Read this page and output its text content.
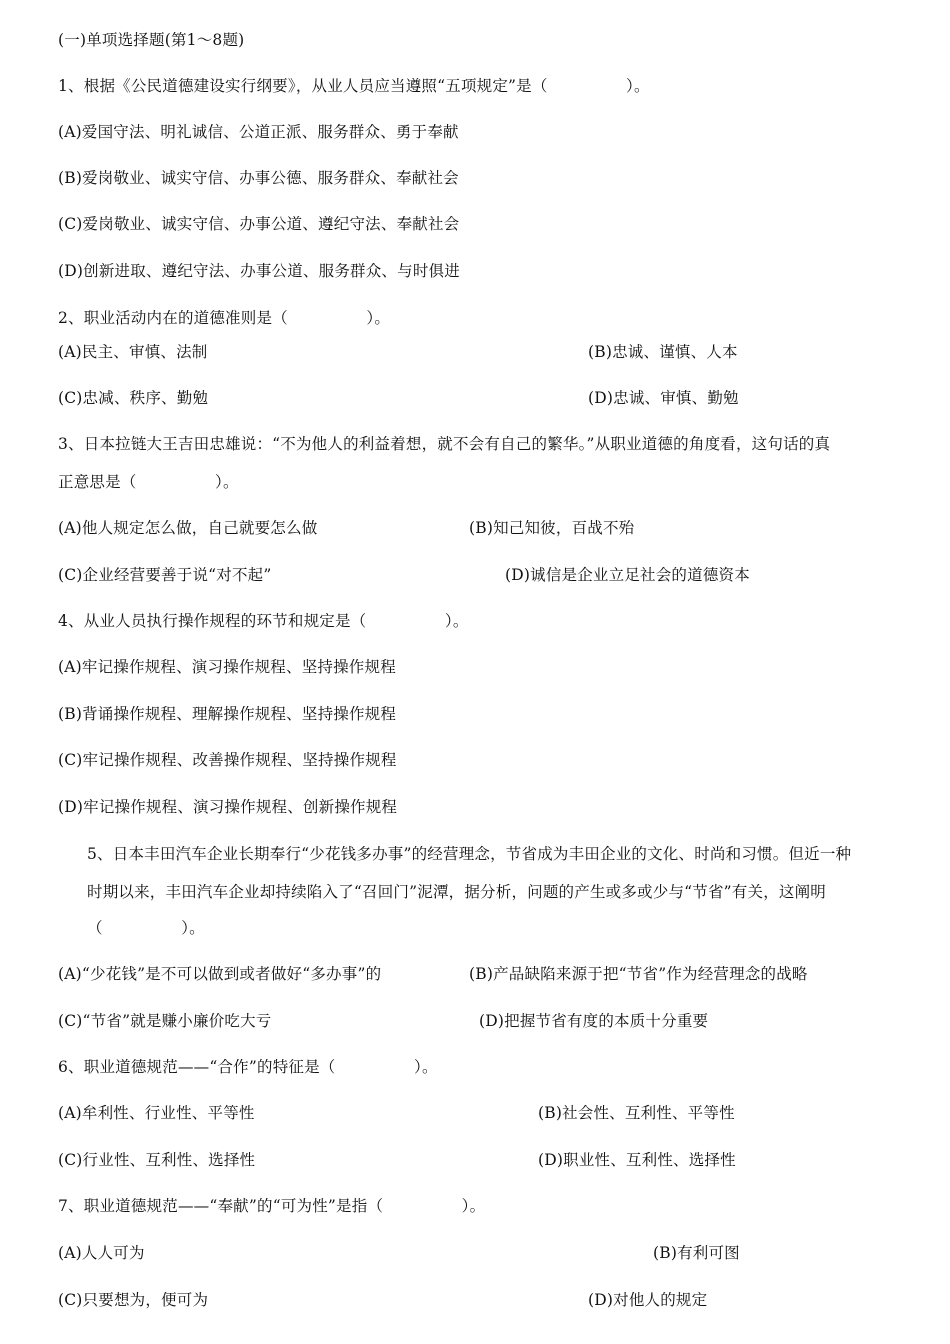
(一)单项选择题(第1～8题)
1、根据《公民道德建设实行纲要》，从业人员应当遵照“五项规定”是（　　　　　）。
(A)爱国守法、明礼诚信、公道正派、服务群众、勇于奉献
(B)爱岗敬业、诚实守信、办事公德、服务群众、奉献社会
(C)爱岗敬业、诚实守信、办事公道、遵纪守法、奉献社会
(D)创新进取、遵纪守法、办事公道、服务群众、与时俱进
2、职业活动内在的道德准则是（　　　　　）。
(A)民主、审慎、法制	(B)忠诚、谨慎、人本
(C)忠减、秩序、勤勉	(D)忠诚、审慎、勤勉
3、日本拉链大王吉田忠雄说：“不为他人的利益着想，就不会有自己的繁华。”从职业道德的角度看，这句话的真
正意思是（　　　　　）。
(A)他人规定怎么做，自己就要怎么做	(B)知己知彼，百战不殆
(C)企业经营要善于说“对不起”	(D)诚信是企业立足社会的道德资本
4、从业人员执行操作规程的环节和规定是（　　　　　）。
(A)牢记操作规程、演习操作规程、坚持操作规程
(B)背诵操作规程、理解操作规程、坚持操作规程
(C)牢记操作规程、改善操作规程、坚持操作规程
(D)牢记操作规程、演习操作规程、创新操作规程
5、日本丰田汽车企业长期奉行“少花钱多办事”的经营理念，节省成为丰田企业的文化、时尚和习惯。但近一种
时期以来，丰田汽车企业却持续陷入了“召回门”泥潭，据分析，问题的产生或多或少与“节省”有关，这阐明
（　　　　　）。
(A)“少花钱”是不可以做到或者做好“多办事”的	(B)产品缺陷来源于把“节省”作为经营理念的战略
(C)“节省”就是赚小廉价吃大亏	(D)把握节省有度的本质十分重要
6、职业道德规范——“合作”的特征是（　　　　　）。
(A)牟利性、行业性、平等性	(B)社会性、互利性、平等性
(C)行业性、互利性、选择性	(D)职业性、互利性、选择性
7、职业道德规范——“奉献”的“可为性”是指（　　　　　）。
(A)人人可为	(B)有利可图
(C)只要想为，便可为	(D)对他人的规定
